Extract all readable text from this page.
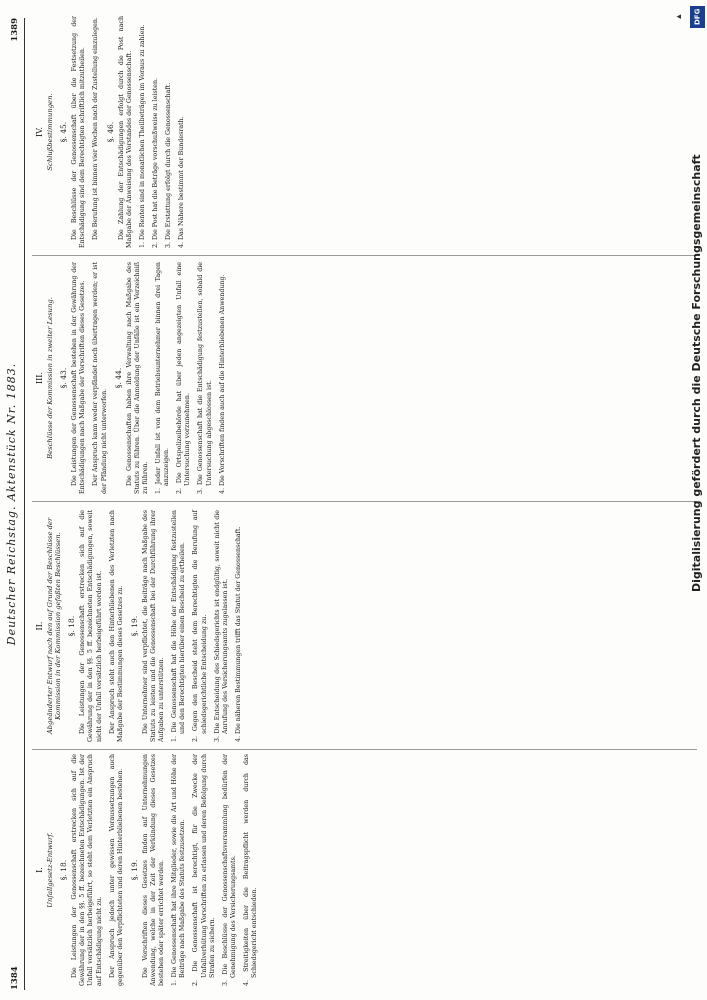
1384
Deutscher Reichstag. Aktenstück Nr. 1883.
1389
I. Unfallgesetz-Entwurf. §. 18. Die Leistungen der Genossenschaft erstrecken sich auf die Gewährung der in den §§. 5 ff. bezeichneten Entschädigungen. Ist der Unfall vorsätzlich herbeigeführt, so steht dem Verletzten ein Anspruch auf Entschädigung nicht zu. Der Anspruch jedoch unter gewissen Voraussetzungen auch gegenüber den Verpflichteten und deren Hinterbliebenen bestehen. §. 19. Die Vorschriften dieses Gesetzes finden auf Unternehmungen Anwendung, welche in der Zeit der Verkündung dieses Gesetzes bestehen oder später errichtet werden. 1. Die Genossenschaft hat ihre Mitglieder, sowie die Art und Höhe der Beiträge nach Maßgabe des Statuts festzusetzen. 2. Die Genossenschaft ist berechtigt, für die Zwecke der Unfallverhütung Vorschriften zu erlassen und deren Befolgung durch Strafen zu sichern. 3. Die Beschlüsse der Genossenschaftsversammlung bedürfen der Genehmigung des Versicherungsamts. 4. Streitigkeiten über die Beitragspflicht werden durch das Schiedsgericht entschieden.

II. Abgeänderter Entwurf nach den auf Grund der Beschlüsse der Kommission in der Kommission gefaßten Beschlüssen. §. 18. Die Leistungen der Genossenschaft erstrecken sich auf die Gewährung der in den §§. 5 ff. bezeichneten Entschädigungen, soweit nicht der Unfall vorsätzlich herbeigeführt worden ist. Der Anspruch steht auch den Hinterbliebenen des Verletzten nach Maßgabe der Bestimmungen dieses Gesetzes zu. §. 19. Die Unternehmer sind verpflichtet, die Beiträge nach Maßgabe des Statuts zu leisten und die Genossenschaft bei der Durchführung ihrer Aufgaben zu unterstützen. 1. Die Genossenschaft hat die Höhe der Entschädigung festzustellen und den Berechtigten hierüber einen Bescheid zu ertheilen. 2. Gegen den Bescheid steht dem Berechtigten die Berufung auf schiedsgerichtliche Entscheidung zu. 3. Die Entscheidung des Schiedsgerichts ist endgültig, soweit nicht die Anrufung des Versicherungsamts zugelassen ist. 4. Die näheren Bestimmungen trifft das Statut der Genossenschaft.

III. Beschlüsse der Kommission in zweiter Lesung. §. 43. Die Leistungen der Genossenschaft bestehen in der Gewährung der Entschädigungen nach Maßgabe der Vorschriften dieses Gesetzes. Der Anspruch kann weder verpfändet noch übertragen werden; er ist der Pfändung nicht unterworfen.

§. 44. Die Genossenschaften haben ihre Verwaltung nach Maßgabe des Statuts zu führen. Über die Anmeldung der Unfälle ist ein Verzeichniß zu führen. 1. Jeder Unfall ist von dem Betriebsunternehmer binnen drei Tagen anzuzeigen. 2. Die Ortspolizeibehörde hat über jeden angezeigten Unfall eine Untersuchung vorzunehmen. 3. Die Genossenschaft hat die Entschädigung festzustellen, sobald die Untersuchung abgeschlossen ist. 4. Die Vorschriften finden auch auf die Hinterbliebenen Anwendung.

IV. Schlußbestimmungen. §. 45. Die Beschlüsse der Genossenschaft über die Festsetzung der Entschädigung sind dem Berechtigten schriftlich mitzutheilen. Die Berufung ist binnen vier Wochen nach der Zustellung einzulegen. §. 46. Die Zahlung der Entschädigungen erfolgt durch die Post nach Maßgabe der Anweisung des Vorstandes der Genossenschaft. 1. Die Renten sind in monatlichen Theilbeträgen im Voraus zu zahlen. 2. Die Post hat die Beträge vorschußweise zu leisten. 3. Die Erstattung erfolgt durch die Genossenschaft. 4. Das Nähere bestimmt der Bundesrath.

◂	DFG
Digitalisierung gefördert durch die Deutsche Forschungsgemeinschaft
